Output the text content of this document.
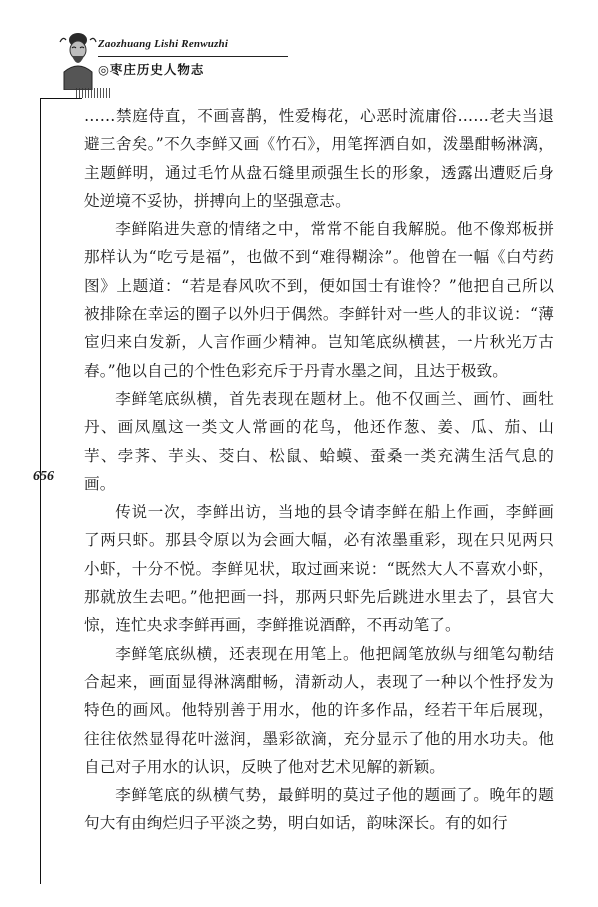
Zaozhuang Lishi Renwuzhi
◎枣庄历史人物志
656

……禁庭侍直，不画喜鹊，性爱梅花，心恶时流庸俗……老夫当退避三舍矣。”不久李鲜又画《竹石》，用笔挥洒自如，泼墨酣畅淋漓，主题鲜明，通过毛竹从盘石缝里顽强生长的形象，透露出遭贬后身处逆境不妥协，拼搏向上的坚强意志。

李鲜陷进失意的情绪之中，常常不能自我解脱。他不像郑板拼那样认为“吃亏是福”，也做不到“难得糊涂”。他曾在一幅《白芍药图》上题道：“若是春风吹不到，便如国士有谁怜？”他把自己所以被排除在幸运的圈子以外归于偶然。李鲜针对一些人的非议说：“薄宦归来白发新，人言作画少精神。岂知笔底纵横甚，一片秋光万古春。”他以自己的个性色彩充斥于丹青水墨之间，且达于极致。

李鲜笔底纵横，首先表现在题材上。他不仅画兰、画竹、画牡丹、画凤凰这一类文人常画的花鸟，他还作葱、姜、瓜、茄、山芋、孛荠、芋头、茭白、松鼠、蛤蟆、蚕桑一类充满生活气息的画。

传说一次，李鲜出访，当地的县令请李鲜在船上作画，李鲜画了两只虾。那县令原以为会画大幅，必有浓墨重彩，现在只见两只小虾，十分不悦。李鲜见状，取过画来说：“既然大人不喜欢小虾，那就放生去吧。”他把画一抖，那两只虾先后跳进水里去了，县官大惊，连忙央求李鲜再画，李鲜推说酒醉，不再动笔了。

李鲜笔底纵横，还表现在用笔上。他把阔笔放纵与细笔勾勒结合起来，画面显得淋漓酣畅，清新动人，表现了一种以个性抒发为特色的画风。他特别善于用水，他的许多作品，经若干年后展现，往往依然显得花叶滋润，墨彩欲滴，充分显示了他的用水功夫。他自己对子用水的认识，反映了他对艺术见解的新颖。

李鲜笔底的纵横气势，最鲜明的莫过子他的题画了。晚年的题句大有由绚烂归子平淡之势，明白如话，韵味深长。有的如行
